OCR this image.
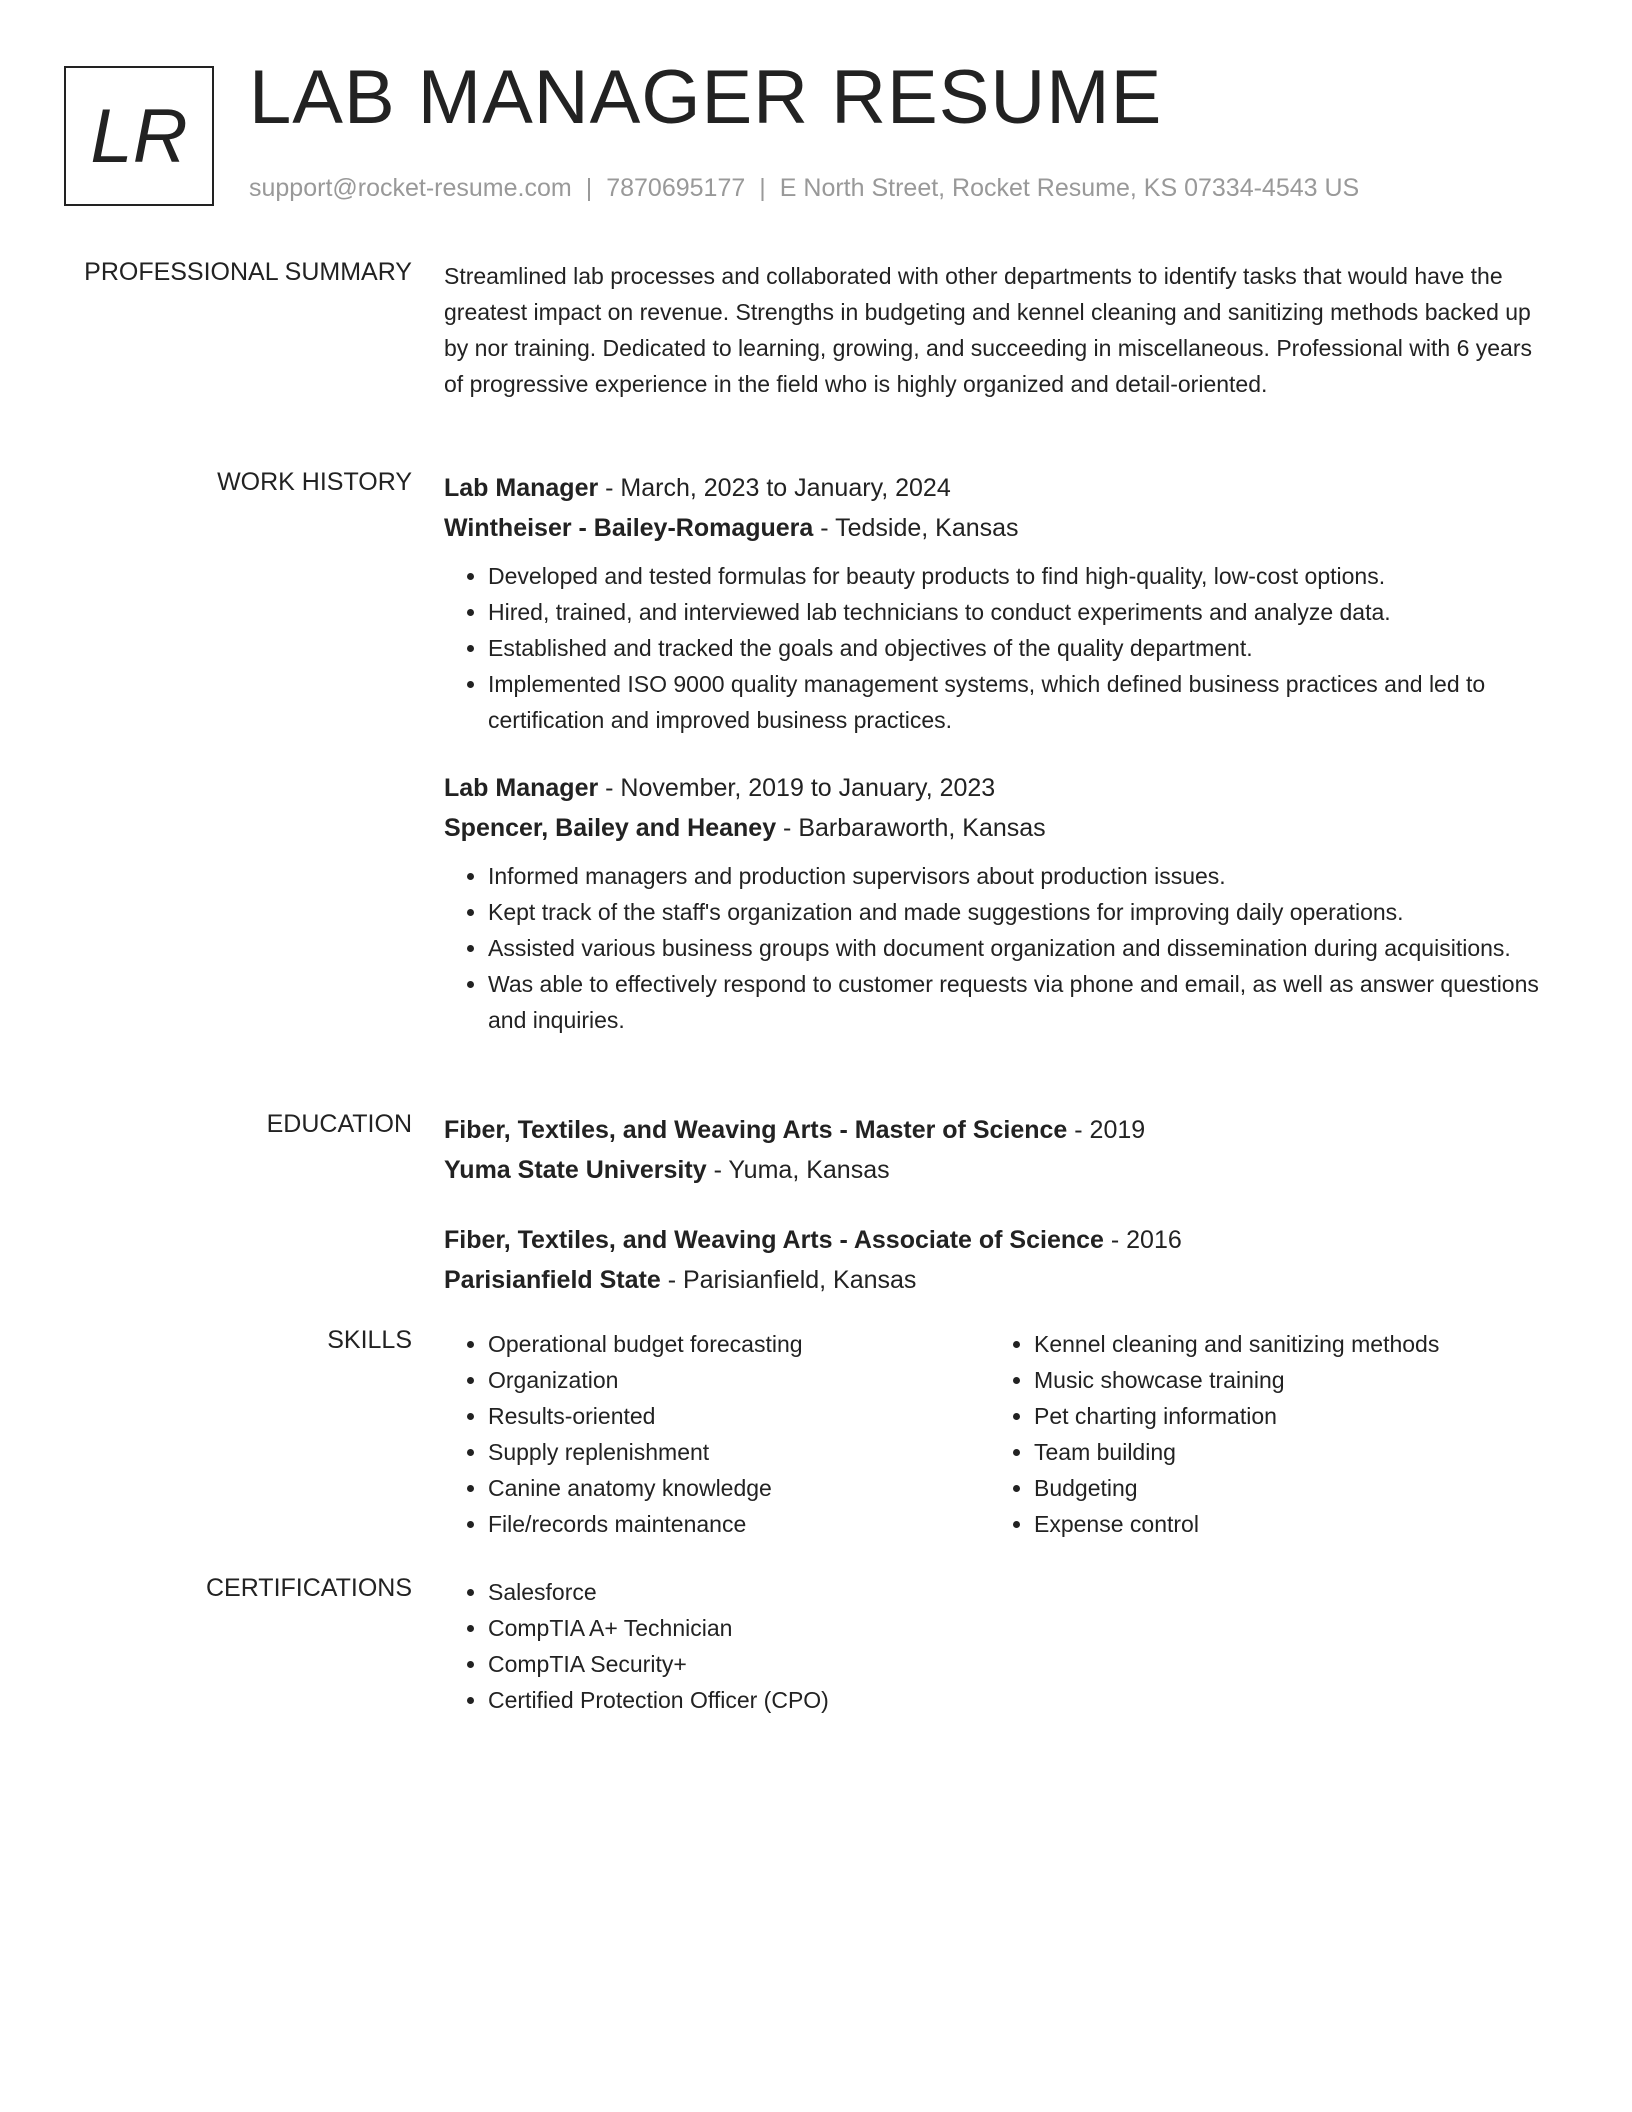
LR LAB MANAGER RESUME
support@rocket-resume.com | 7870695177 | E North Street, Rocket Resume, KS 07334-4543 US
PROFESSIONAL SUMMARY Streamlined lab processes and collaborated with other departments to identify tasks that would have the greatest impact on revenue. Strengths in budgeting and kennel cleaning and sanitizing methods backed up by nor training. Dedicated to learning, growing, and succeeding in miscellaneous. Professional with 6 years of progressive experience in the field who is highly organized and detail-oriented.

WORK HISTORY Lab Manager - March, 2023 to January, 2024

Wintheiser - Bailey-Romaguera - Tedside, Kansas

• Developed and tested formulas for beauty products to find high-quality, low-cost options.
• Hired, trained, and interviewed lab technicians to conduct experiments and analyze data.
• Established and tracked the goals and objectives of the quality department.
• Implemented ISO 9000 quality management systems, which defined business practices and led to certification and improved business practices.

Lab Manager - November, 2019 to January, 2023

Spencer, Bailey and Heaney - Barbaraworth, Kansas

• Informed managers and production supervisors about production issues.
• Kept track of the staff's organization and made suggestions for improving daily operations.
• Assisted various business groups with document organization and dissemination during acquisitions.
• Was able to effectively respond to customer requests via phone and email, as well as answer questions and inquiries.
EDUCATION Fiber, Textiles, and Weaving Arts - Master of Science - 2019

Yuma State University - Yuma, Kansas

Fiber, Textiles, and Weaving Arts - Associate of Science - 2016

Parisianfield State - Parisianfield, Kansas

SKILLS	• Operational budget forecasting
• Organization
• Results-oriented
• Supply replenishment
• Canine anatomy knowledge
• File/records maintenance
• Kennel cleaning and sanitizing methods
• Music showcase training
• Pet charting information
• Team building
• Budgeting
• Expense control
CERTIFICATIONS	• Salesforce
• CompTIA A+ Technician
• CompTIA Security+
• Certified Protection Officer (CPO)
